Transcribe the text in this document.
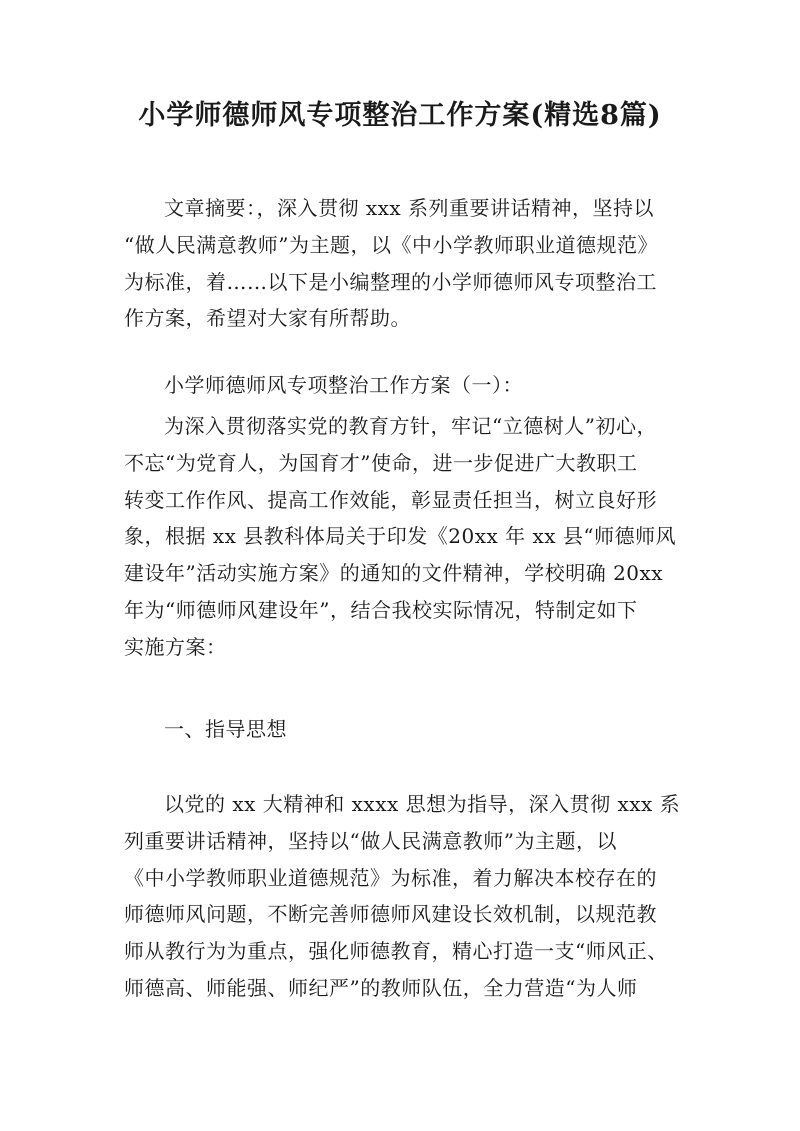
小学师德师风专项整治工作方案(精选8篇)
文章摘要：，深入贯彻 xxx 系列重要讲话精神，坚持以
“做人民满意教师”为主题，以《中小学教师职业道德规范》
为标准，着……以下是小编整理的小学师德师风专项整治工
作方案，希望对大家有所帮助。
小学师德师风专项整治工作方案（一）：
为深入贯彻落实党的教育方针，牢记“立德树人”初心，
不忘“为党育人，为国育才”使命，进一步促进广大教职工
转变工作作风、提高工作效能，彰显责任担当，树立良好形
象，根据 xx 县教科体局关于印发《20xx 年 xx 县“师德师风
建设年”活动实施方案》的通知的文件精神，学校明确 20xx
年为“师德师风建设年”，结合我校实际情况，特制定如下
实施方案：
一、指导思想
以党的 xx 大精神和 xxxx 思想为指导，深入贯彻 xxx 系
列重要讲话精神，坚持以“做人民满意教师”为主题，以
《中小学教师职业道德规范》为标准，着力解决本校存在的
师德师风问题，不断完善师德师风建设长效机制，以规范教
师从教行为为重点，强化师德教育，精心打造一支“师风正、
师德高、师能强、师纪严”的教师队伍，全力营造“为人师
